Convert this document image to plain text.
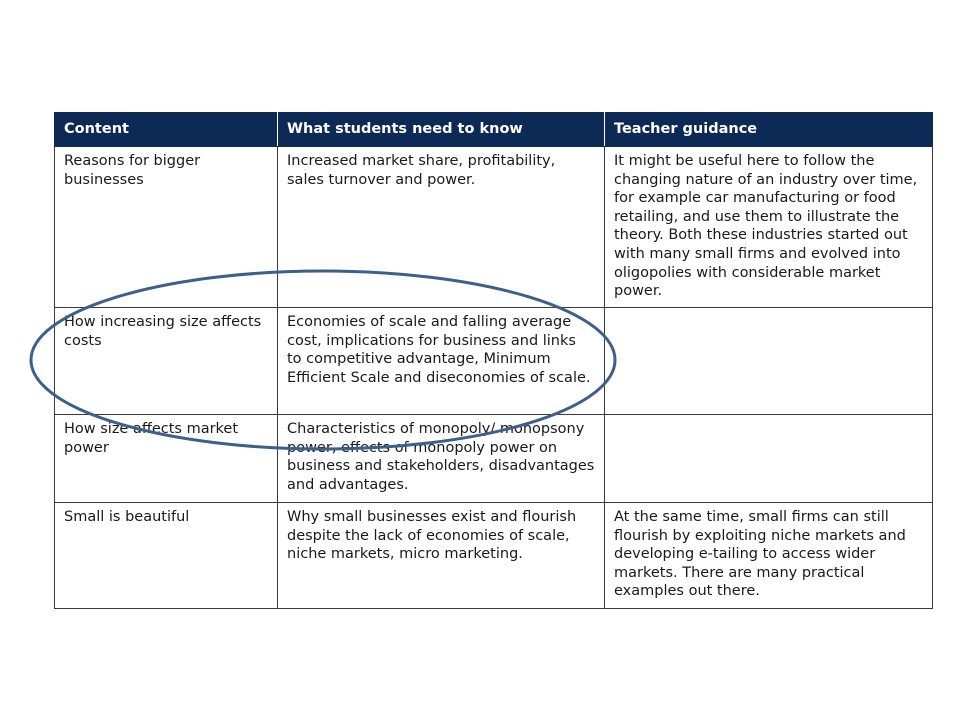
Content	What students need to know	Teacher guidance
Reasons for bigger businesses	Increased market share, profitability, sales turnover and power.	It might be useful here to follow the changing nature of an industry over time, for example car manufacturing or food retailing, and use them to illustrate the theory. Both these industries started out with many small firms and evolved into oligopolies with considerable market power.
How increasing size affects costs	Economies of scale and falling average cost, implications for business and links to competitive advantage, Minimum Efficient Scale and diseconomies of scale.	
How size affects market power	Characteristics of monopoly/ monopsony power, effects of monopoly power on business and stakeholders, disadvantages and advantages.	
Small is beautiful	Why small businesses exist and flourish despite the lack of economies of scale, niche markets, micro marketing.	At the same time, small firms can still flourish by exploiting niche markets and developing e-tailing to access wider markets. There are many practical examples out there.
